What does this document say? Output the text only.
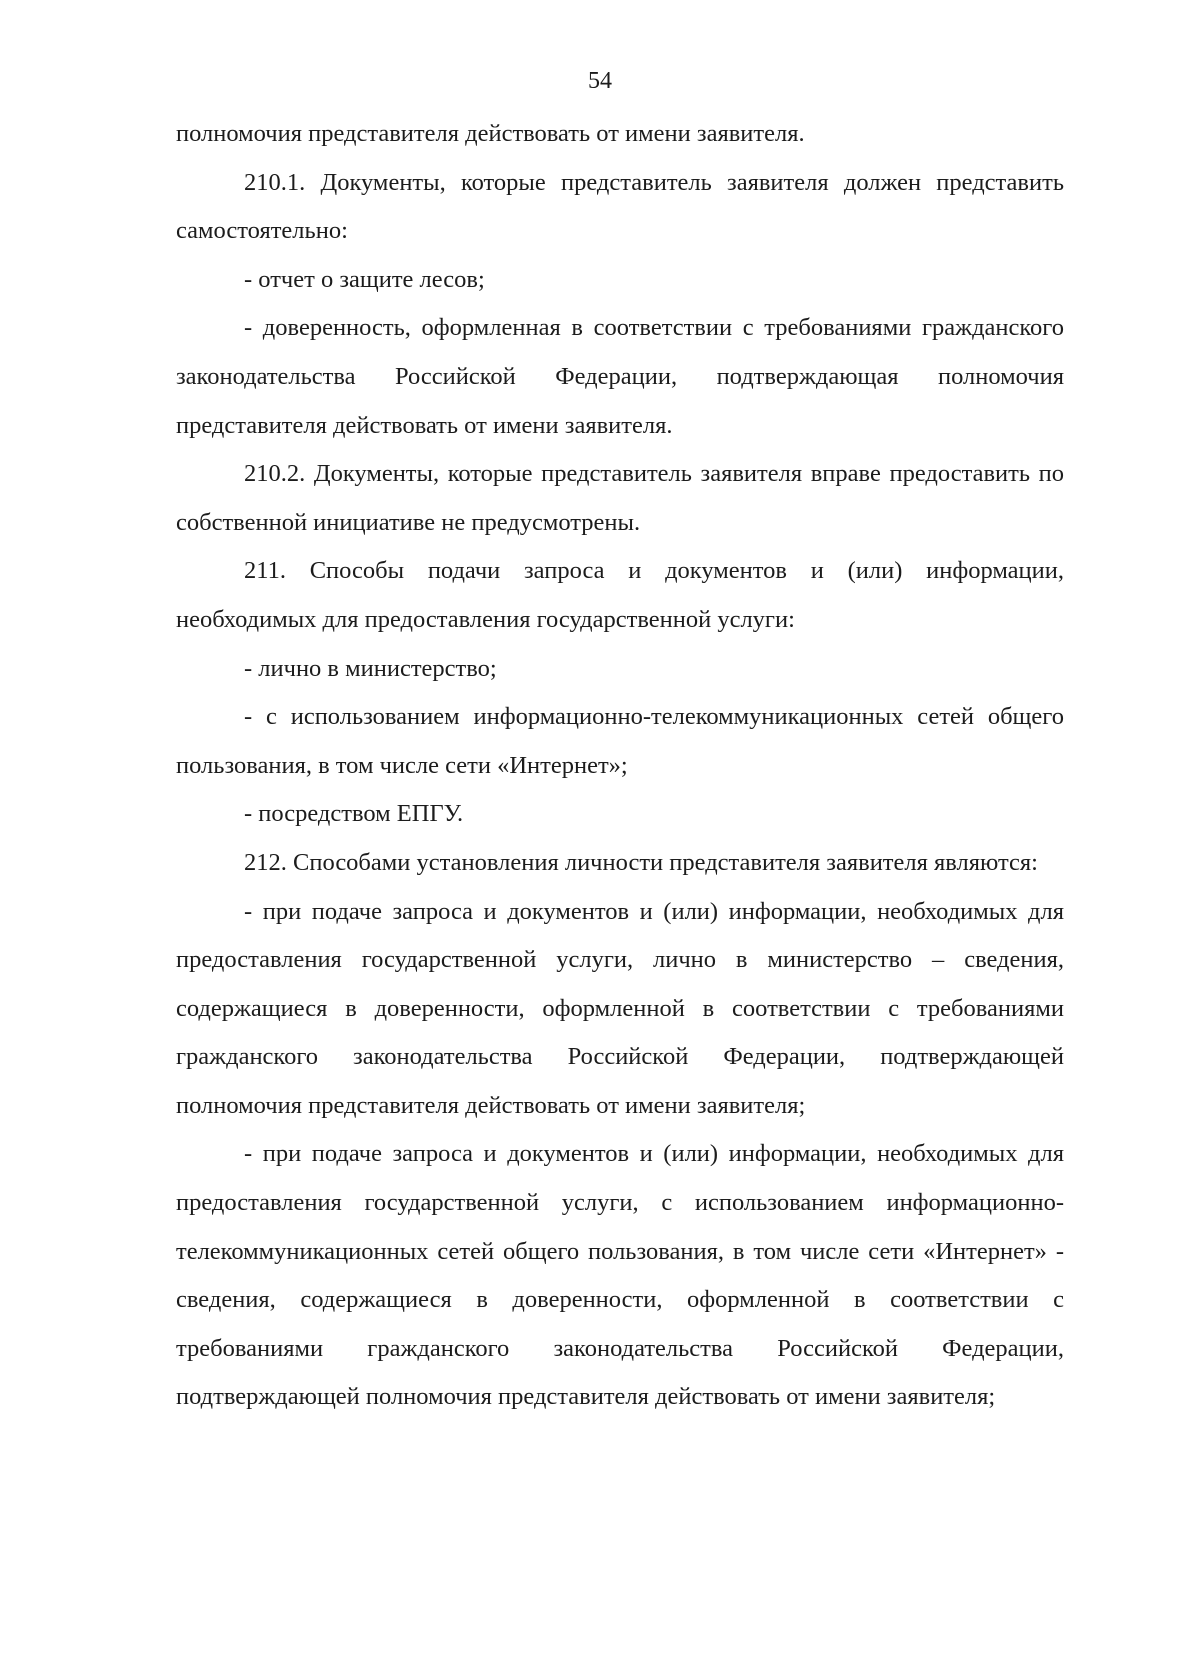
54

полномочия представителя действовать от имени заявителя.

210.1. Документы, которые представитель заявителя должен представить самостоятельно:

- отчет о защите лесов;

- доверенность, оформленная в соответствии с требованиями гражданского законодательства Российской Федерации, подтверждающая полномочия представителя действовать от имени заявителя.

210.2. Документы, которые представитель заявителя вправе предоставить по собственной инициативе не предусмотрены.

211. Способы подачи запроса и документов и (или) информации, необходимых для предоставления государственной услуги:

- лично в министерство;

- с использованием информационно-телекоммуникационных сетей общего пользования, в том числе сети «Интернет»;

- посредством ЕПГУ.

212. Способами установления личности представителя заявителя являются:

- при подаче запроса и документов и (или) информации, необходимых для предоставления государственной услуги, лично в министерство – сведения, содержащиеся в доверенности, оформленной в соответствии с требованиями гражданского законодательства Российской Федерации, подтверждающей полномочия представителя действовать от имени заявителя;

- при подаче запроса и документов и (или) информации, необходимых для предоставления государственной услуги, с использованием информационно-телекоммуникационных сетей общего пользования, в том числе сети «Интернет» - сведения, содержащиеся в доверенности, оформленной в соответствии с требованиями гражданского законодательства Российской Федерации, подтверждающей полномочия представителя действовать от имени заявителя;
